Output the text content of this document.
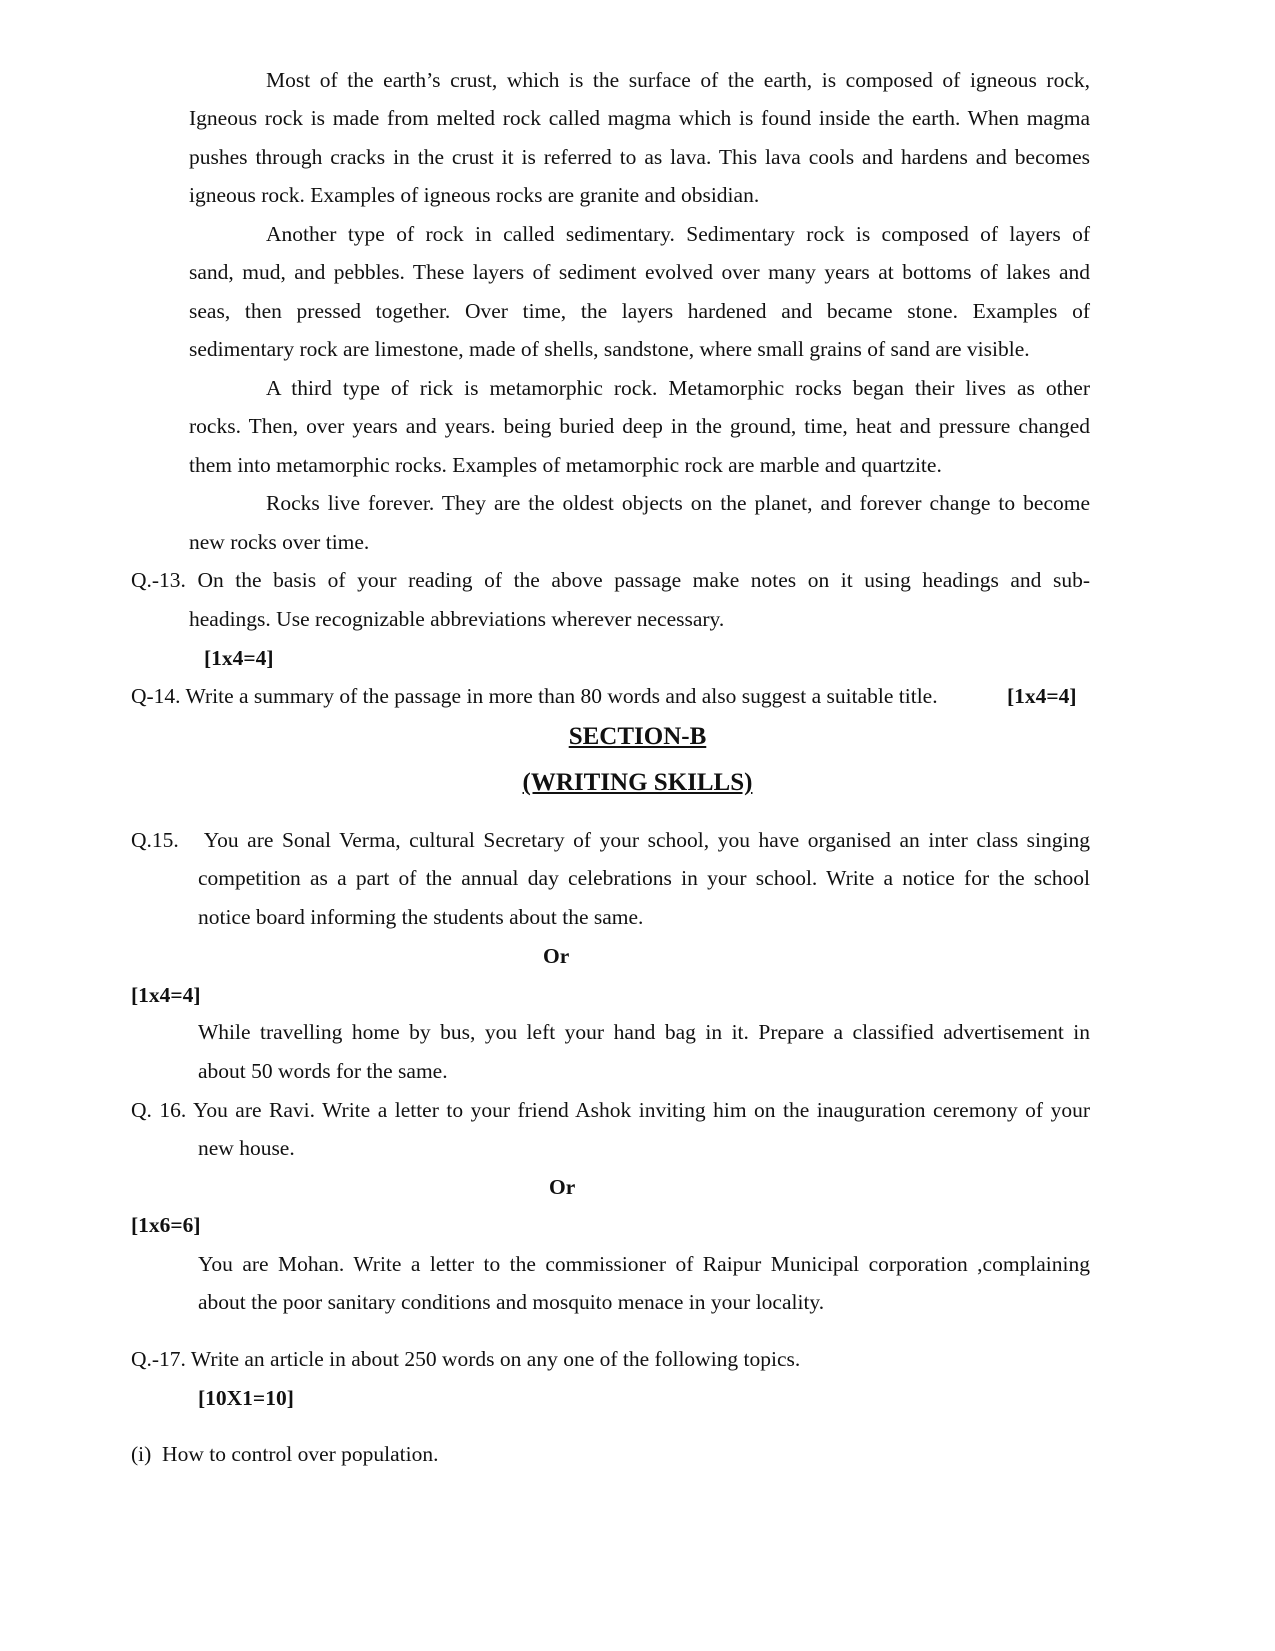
Most of the earth’s crust, which is the surface of the earth, is composed of igneous rock,
Igneous rock is made from melted rock called magma which is found inside the earth. When magma
pushes through cracks in the crust it is referred to as lava. This lava cools and hardens and becomes
igneous rock. Examples of igneous rocks are granite and obsidian.
Another type of rock in called sedimentary. Sedimentary rock is composed of layers of
sand, mud, and pebbles. These layers of sediment evolved over many years at bottoms of lakes and
seas, then pressed together. Over time, the layers hardened and became stone. Examples of
sedimentary rock are limestone, made of shells, sandstone, where small grains of sand are visible.
A third type of rick is metamorphic rock. Metamorphic rocks began their lives as other
rocks. Then, over years and years. being buried deep in the ground, time, heat and pressure changed
them into metamorphic rocks. Examples of metamorphic rock are marble and quartzite.
Rocks live forever. They are the oldest objects on the planet, and forever change to become
new rocks over time.
Q.-13. On the basis of your reading of the above passage make notes on it using headings and sub-
headings. Use recognizable abbreviations wherever necessary.
[1x4=4]
Q-14. Write a summary of the passage in more than 80 words and also suggest a suitable title.	[1x4=4]
SECTION-B
(WRITING SKILLS)
Q.15.   You are Sonal Verma, cultural Secretary of your school, you have organised an inter class singing
competition as a part of the annual day celebrations in your school. Write a notice for the school
notice board informing the students about the same.
Or
[1x4=4]
While travelling home by bus, you left your hand bag in it. Prepare a classified advertisement in
about 50 words for the same.
Q. 16. You are Ravi. Write a letter to your friend Ashok inviting him on the inauguration ceremony of your
new house.
Or
[1x6=6]
You are Mohan. Write a letter to the commissioner of Raipur Municipal corporation ,complaining
about the poor sanitary conditions and mosquito menace in your locality.
Q.-17. Write an article in about 250 words on any one of the following topics.
[10X1=10]
(i)  How to control over population.
